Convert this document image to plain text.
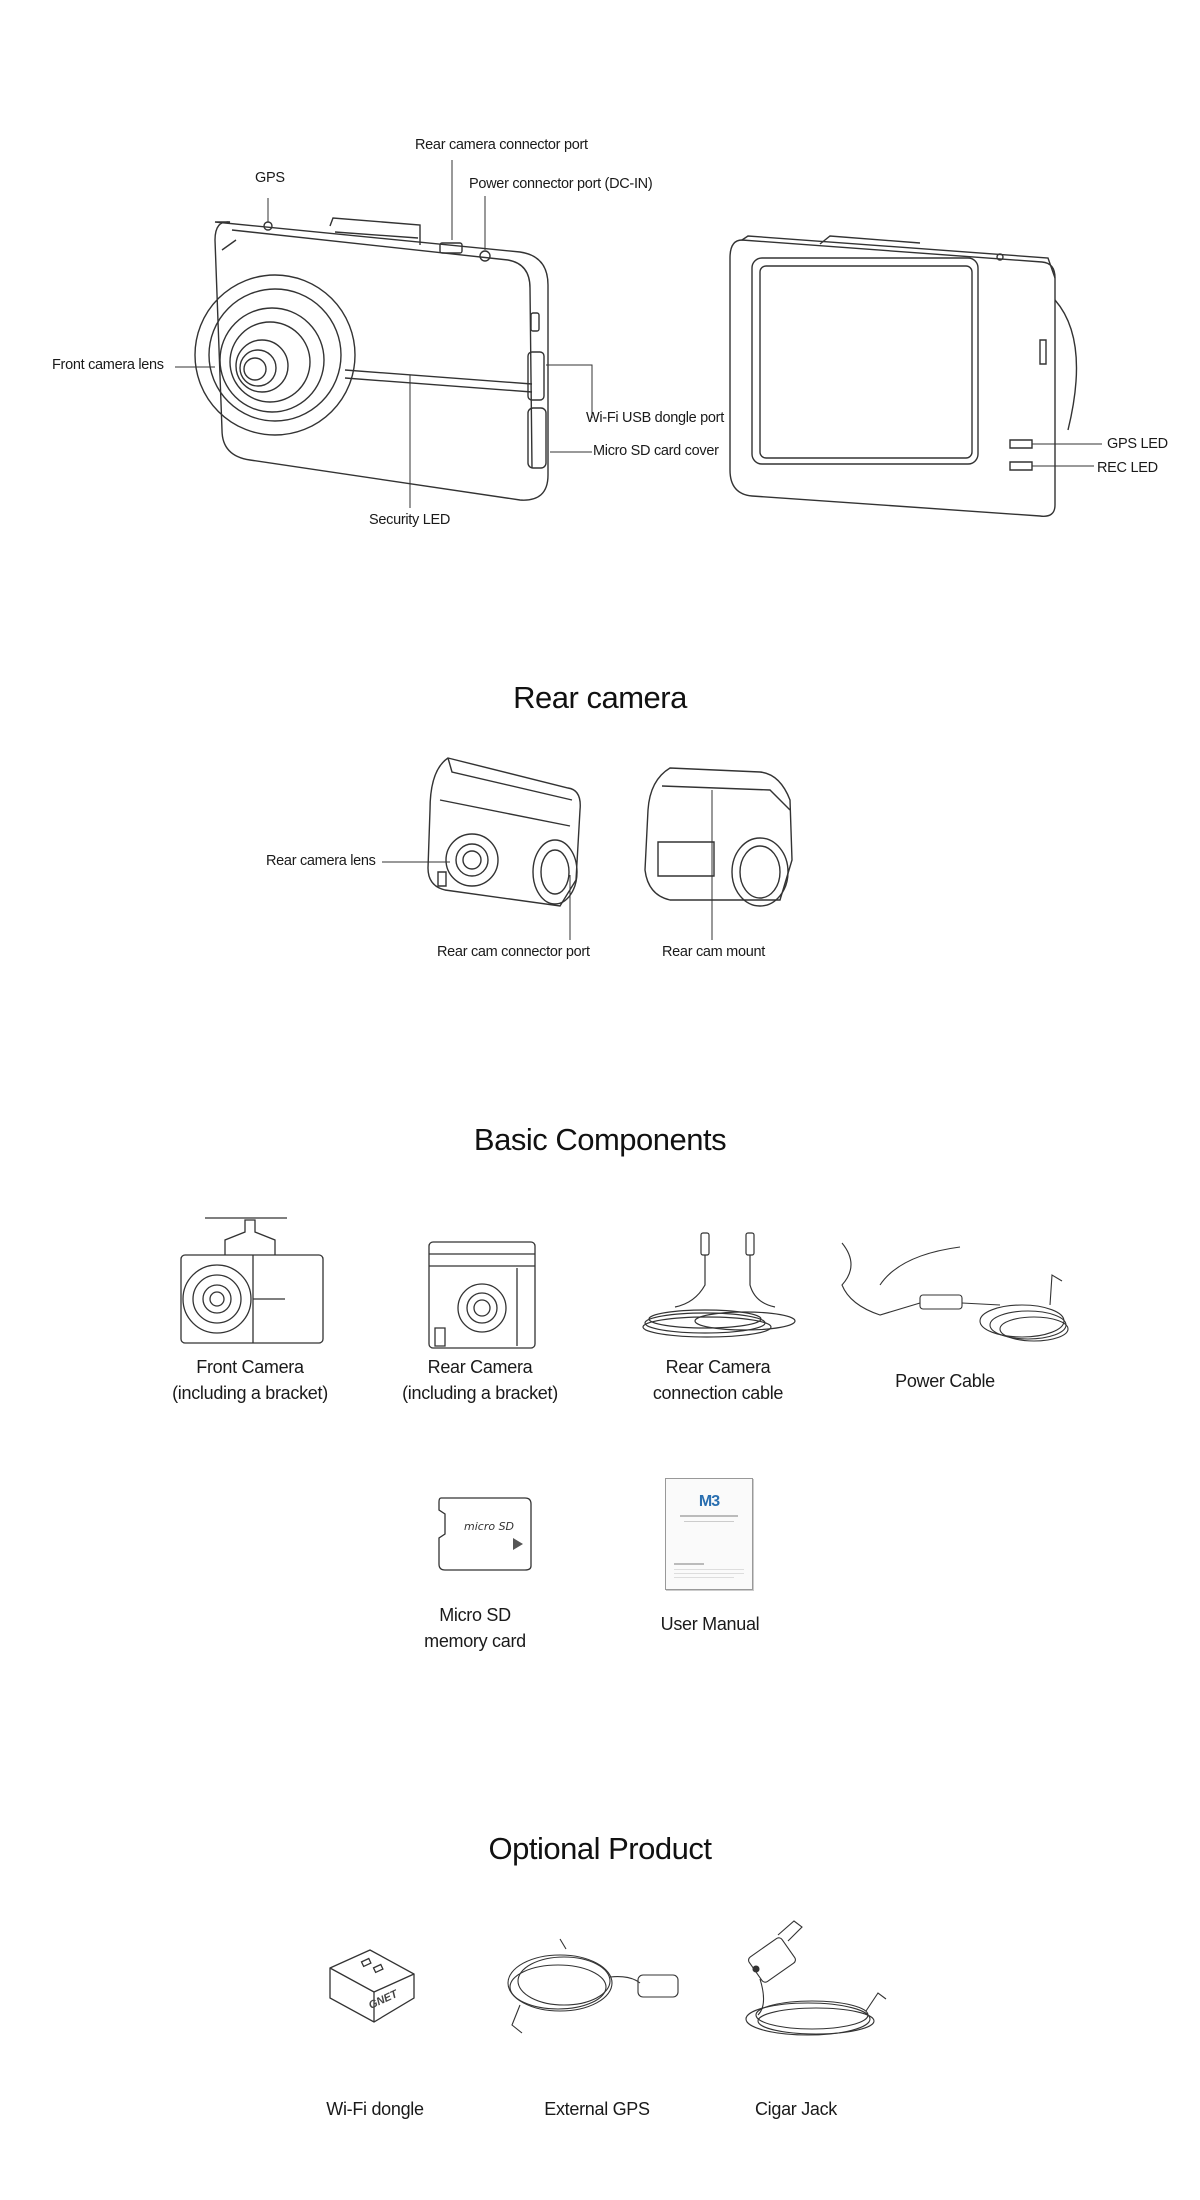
GPS
Rear camera connector port
Power connector port (DC-IN)
Front camera lens
Wi-Fi USB dongle port
Micro SD card cover
Security LED
GPS LED
REC LED
Rear camera
Rear camera lens
Rear cam connector port	Rear cam mount
Basic Components
Front Camera
(including a bracket)
Rear Camera
(including a bracket)
Rear Camera
connection cable
Power Cable
micro SD
Micro SD
memory card
M3
User Manual
Optional Product
GNET
Wi-Fi dongle	External GPS	Cigar Jack
